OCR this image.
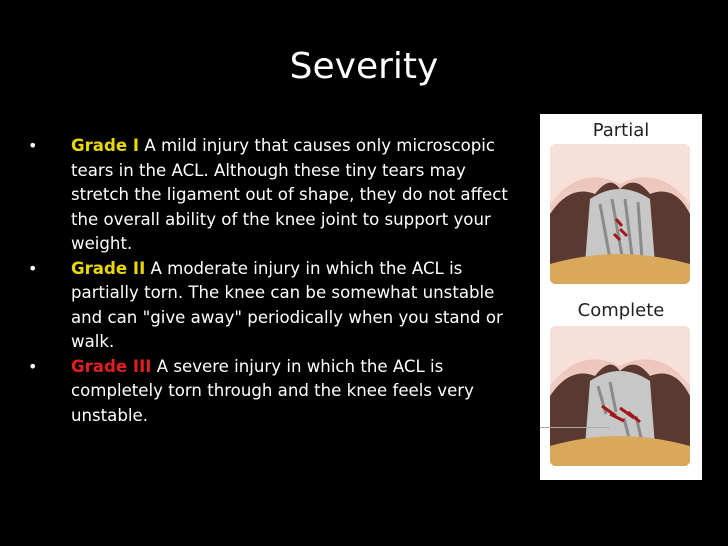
Severity
• Grade I A mild injury that causes only microscopic tears in the ACL. Although these tiny tears may stretch the ligament out of shape, they do not affect the overall ability of the knee joint to support your weight.
• Grade II A moderate injury in which the ACL is partially torn. The knee can be somewhat unstable and can "give away" periodically when you stand or walk.
• Grade III A severe injury in which the ACL is completely torn through and the knee feels very unstable.
Partial
Complete
